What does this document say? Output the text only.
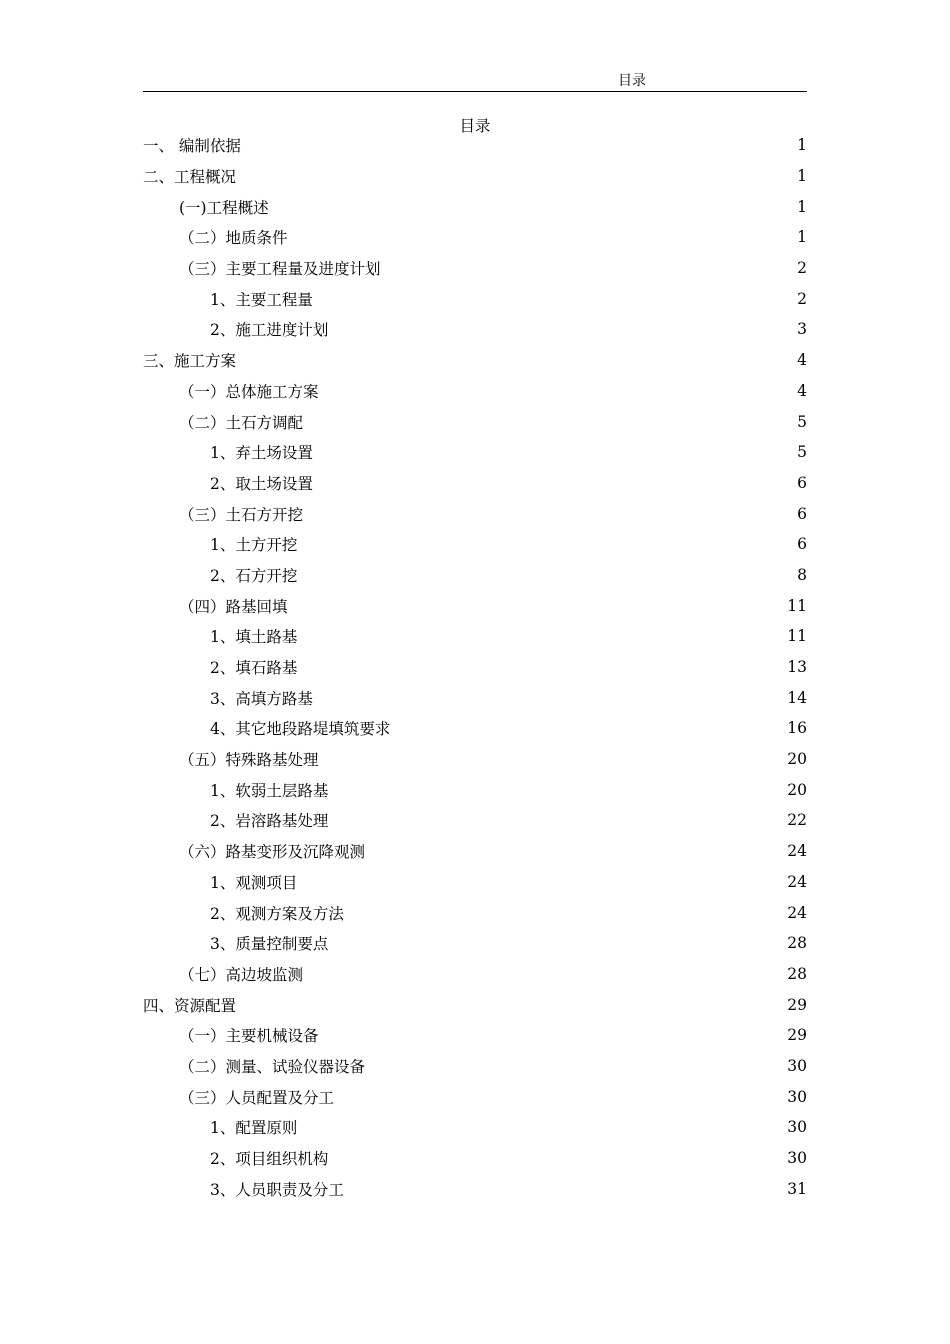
目录
目录
一、 编制依据	1
二、工程概况	1
(一)工程概述	1
（二）地质条件	1
（三）主要工程量及进度计划	2
1、主要工程量	2
2、施工进度计划	3
三、施工方案	4
（一）总体施工方案	4
（二）土石方调配	5
1、弃土场设置	5
2、取土场设置	6
（三）土石方开挖	6
1、土方开挖	6
2、石方开挖	8
（四）路基回填	11
1、填土路基	11
2、填石路基	13
3、高填方路基	14
4、其它地段路堤填筑要求	16
（五）特殊路基处理	20
1、软弱土层路基	20
2、岩溶路基处理	22
（六）路基变形及沉降观测	24
1、观测项目	24
2、观测方案及方法	24
3、质量控制要点	28
（七）高边坡监测	28
四、资源配置	29
（一）主要机械设备	29
（二）测量、试验仪器设备	30
（三）人员配置及分工	30
1、配置原则	30
2、项目组织机构	30
3、人员职责及分工	31
